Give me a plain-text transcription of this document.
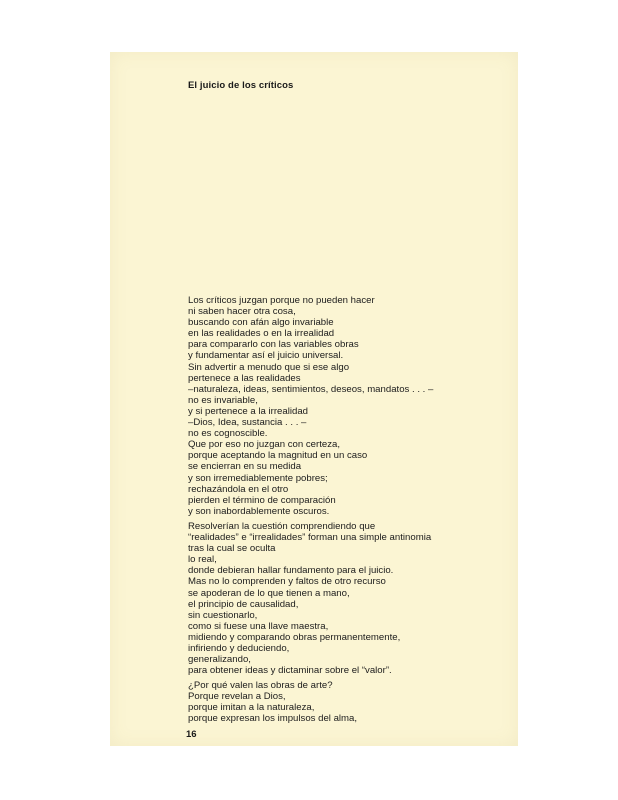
El juicio de los críticos
Los críticos juzgan porque no pueden hacer
ni saben hacer otra cosa,
buscando con afán algo invariable
en las realidades o en la irrealidad
para compararlo con las variables obras
y fundamentar así el juicio universal.
Sin advertir a menudo que si ese algo
pertenece a las realidades
–naturaleza, ideas, sentimientos, deseos, mandatos . . . –
no es invariable,
y si pertenece a la irrealidad
–Dios, Idea, sustancia . . . –
no es cognoscible.
Que por eso no juzgan con certeza,
porque aceptando la magnitud en un caso
se encierran en su medida
y son irremediablemente pobres;
rechazándola en el otro
pierden el término de comparación
y son inabordablemente oscuros.
Resolverían la cuestión comprendiendo que
“realidades” e “irrealidades” forman una simple antinomia
tras la cual se oculta
lo real,
donde debieran hallar fundamento para el juicio.
Mas no lo comprenden y faltos de otro recurso
se apoderan de lo que tienen a mano,
el principio de causalidad,
sin cuestionarlo,
como si fuese una llave maestra,
midiendo y comparando obras permanentemente,
infiriendo y deduciendo,
generalizando,
para obtener ideas y dictaminar sobre el “valor”.
¿Por qué valen las obras de arte?
Porque revelan a Dios,
porque imitan a la naturaleza,
porque expresan los impulsos del alma,

16
